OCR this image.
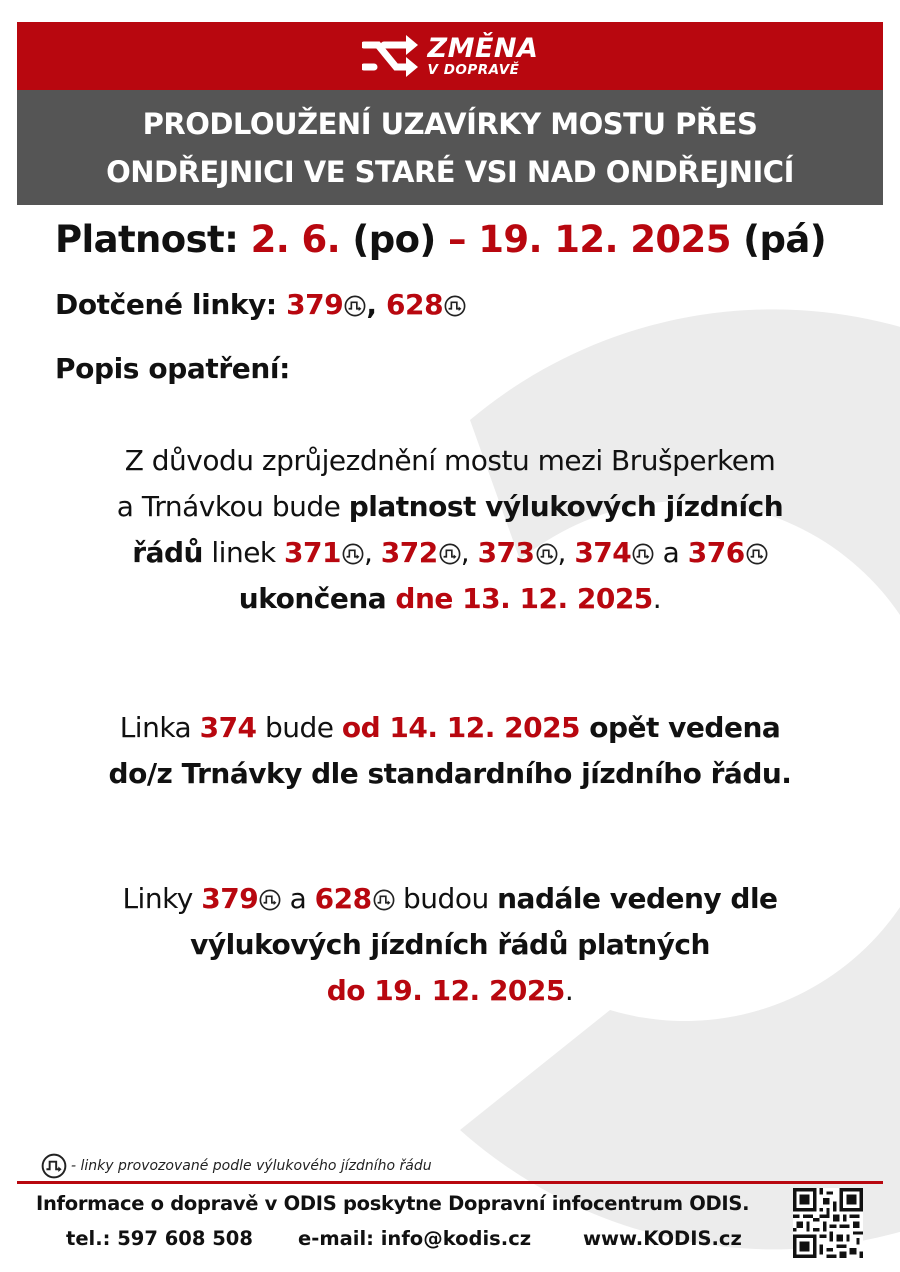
ZMĚNA
V DOPRAVĚ
PRODLOUŽENÍ UZAVÍRKY MOSTU PŘES
ONDŘEJNICI VE STARÉ VSI NAD ONDŘEJNICÍ
Platnost: 2. 6. (po) – 19. 12. 2025 (pá)
Dotčené linky: 379 , 628
Popis opatření:
Z důvodu zprůjezdnění mostu mezi Brušperkem
a Trnávkou bude platnost výlukových jízdních
řádů linek 371 , 372 , 373 , 374 a 376
ukončena dne 13. 12. 2025.
Linka 374 bude od 14. 12. 2025 opět vedena
do/z Trnávky dle standardního jízdního řádu.
Linky 379 a 628 budou nadále vedeny dle
výlukových jízdních řádů platných
do 19. 12. 2025.
- linky provozované podle výlukového jízdního řádu
Informace o dopravě v ODIS poskytne Dopravní infocentrum ODIS.
tel.: 597 608 508 e-mail: info@kodis.cz	www.KODIS.cz
